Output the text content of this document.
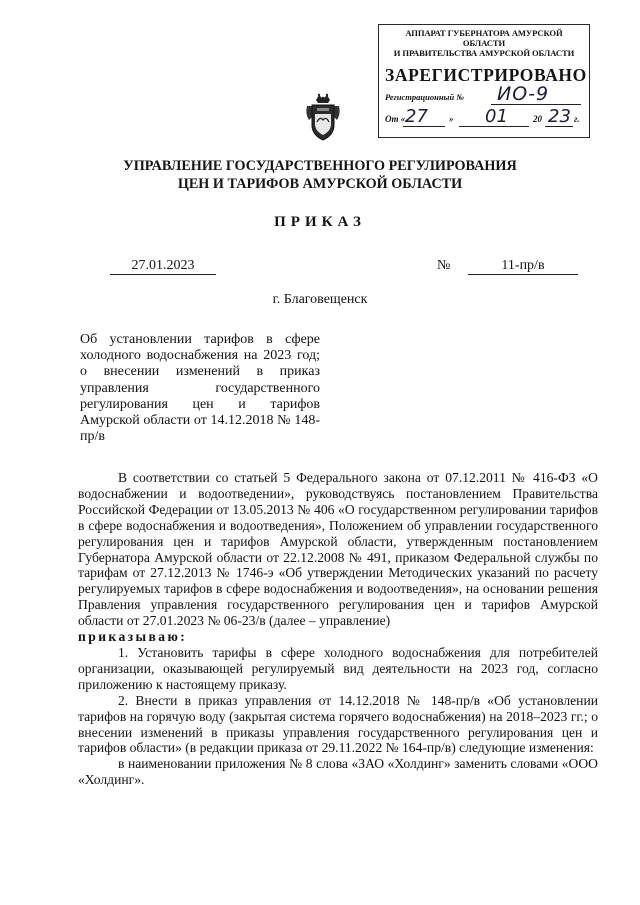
АППАРАТ ГУБЕРНАТОРА АМУРСКОЙ ОБЛАСТИ
И ПРАВИТЕЛЬСТВА АМУРСКОЙ ОБЛАСТИ
ЗАРЕГИСТРИРОВАНО
Регистрационный № ИО-9
От « 27 » 01	20 23 г.
УПРАВЛЕНИЕ ГОСУДАРСТВЕННОГО РЕГУЛИРОВАНИЯ
ЦЕН И ТАРИФОВ АМУРСКОЙ ОБЛАСТИ
ПРИКАЗ
27.01.2023	№	11-пр/в
г. Благовещенск
Об установлении тарифов в сфере холодного водоснабжения на 2023 год; о внесении изменений в приказ управления государственного регулирования цен и тарифов Амурской области от 14.12.2018 № 148-пр/в

В соответствии со статьей 5 Федерального закона от 07.12.2011 № 416-ФЗ «О водоснабжении и водоотведении», руководствуясь постановлением Правительства Российской Федерации от 13.05.2013 № 406 «О государственном регулировании тарифов в сфере водоснабжения и водоотведения», Положением об управлении государственного регулирования цен и тарифов Амурской области, утвержденным постановлением Губернатора Амурской области от 22.12.2008 № 491, приказом Федеральной службы по тарифам от 27.12.2013 № 1746-э «Об утверждении Методических указаний по расчету регулируемых тарифов в сфере водоснабжения и водоотведения», на основании решения Правления управления государственного регулирования цен и тарифов Амурской области от 27.01.2023 № 06-23/в (далее – управление)

приказываю:

1. Установить тарифы в сфере холодного водоснабжения для потребителей организации, оказывающей регулируемый вид деятельности на 2023 год, согласно приложению к настоящему приказу.

2. Внести в приказ управления от 14.12.2018 № 148-пр/в «Об установлении тарифов на горячую воду (закрытая система горячего водоснабжения) на 2018–2023 гг.; о внесении изменений в приказы управления государственного регулирования цен и тарифов области» (в редакции приказа от 29.11.2022 № 164-пр/в) следующие изменения:

в наименовании приложения № 8 слова «ЗАО «Холдинг» заменить словами «ООО «Холдинг».
